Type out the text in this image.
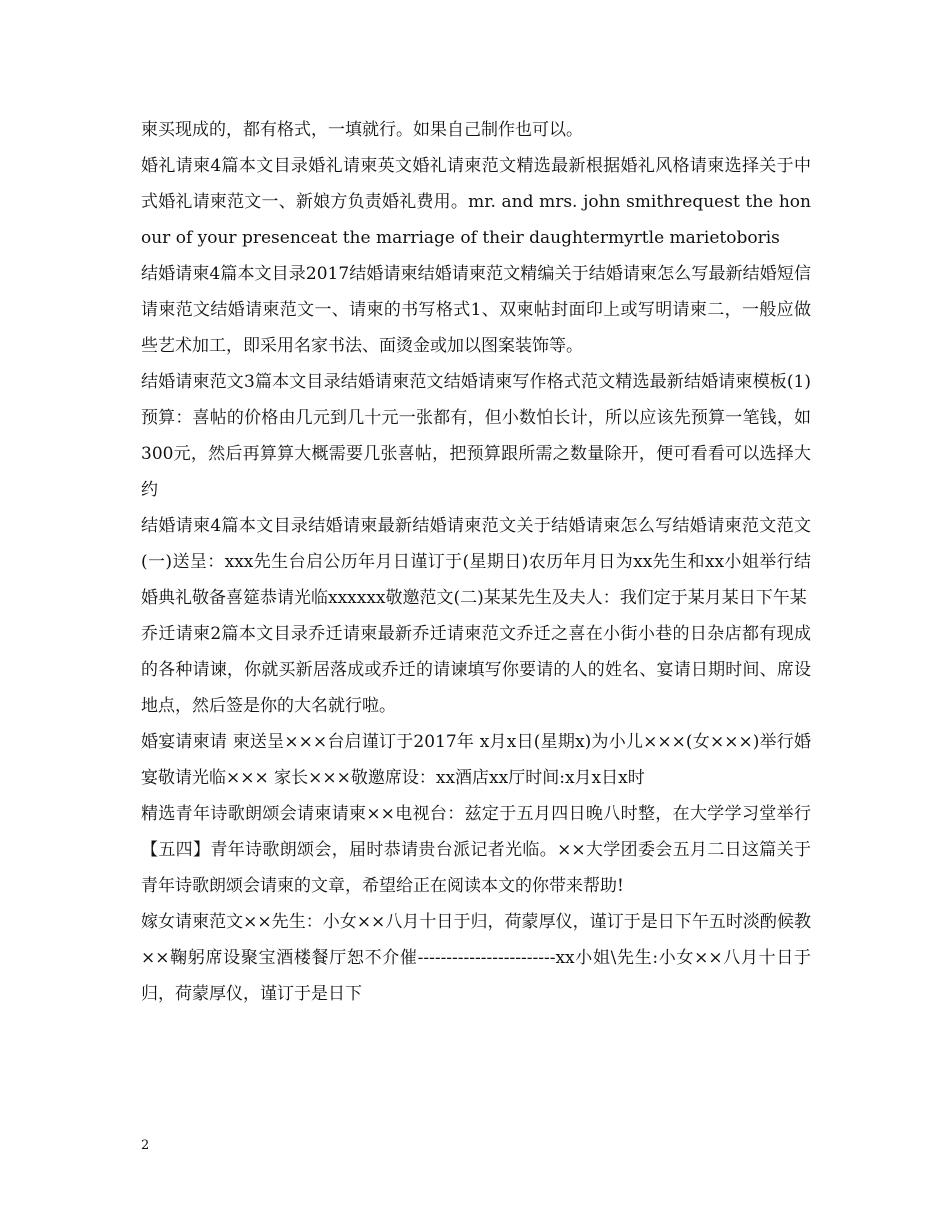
柬买现成的，都有格式，一填就行。如果自己制作也可以。

婚礼请柬4篇本文目录婚礼请柬英文婚礼请柬范文精选最新根据婚礼风格请柬选择关于中式婚礼请柬范文一、新娘方负责婚礼费用。mr. and mrs. john smithrequest the honour of your presenceat the marriage of their daughtermyrtle marietoboris

结婚请柬4篇本文目录2017结婚请柬结婚请柬范文精编关于结婚请柬怎么写最新结婚短信请柬范文结婚请柬范文一、请柬的书写格式1、双柬帖封面印上或写明请柬二，一般应做些艺术加工，即采用名家书法、面烫金或加以图案装饰等。

结婚请柬范文3篇本文目录结婚请柬范文结婚请柬写作格式范文精选最新结婚请柬模板(1) 预算：喜帖的价格由几元到几十元一张都有，但小数怕长计，所以应该先预算一笔钱，如300元，然后再算算大概需要几张喜帖，把预算跟所需之数量除开，便可看看可以选择大约

结婚请柬4篇本文目录结婚请柬最新结婚请柬范文关于结婚请柬怎么写结婚请柬范文范文(一)送呈：xxx先生台启公历年月日谨订于(星期日)农历年月日为xx先生和xx小姐举行结婚典礼敬备喜筵恭请光临xxxxxx敬邀范文(二)某某先生及夫人：我们定于某月某日下午某

乔迁请柬2篇本文目录乔迁请柬最新乔迁请柬范文乔迁之喜在小街小巷的日杂店都有现成的各种请谏，你就买新居落成或乔迁的请谏填写你要请的人的姓名、宴请日期时间、席设地点，然后签是你的大名就行啦。

婚宴请柬请 柬送呈×××台启谨订于2017年 x月x日(星期x)为小儿×××(女×××)举行婚宴敬请光临××× 家长×××敬邀席设：xx酒店xx厅时间:x月x日x时

精选青年诗歌朗颂会请柬请柬××电视台：兹定于五月四日晚八时整，在大学学习堂举行【五四】青年诗歌朗颂会，届时恭请贵台派记者光临。××大学团委会五月二日这篇关于青年诗歌朗颂会请柬的文章，希望给正在阅读本文的你带来帮助!

嫁女请柬范文××先生：小女××八月十日于归，荷蒙厚仪，谨订于是日下午五时淡酌候教××鞠躬席设聚宝酒楼餐厅恕不介催------------------------xx小姐\先生:小女××八月十日于归，荷蒙厚仪，谨订于是日下

2
